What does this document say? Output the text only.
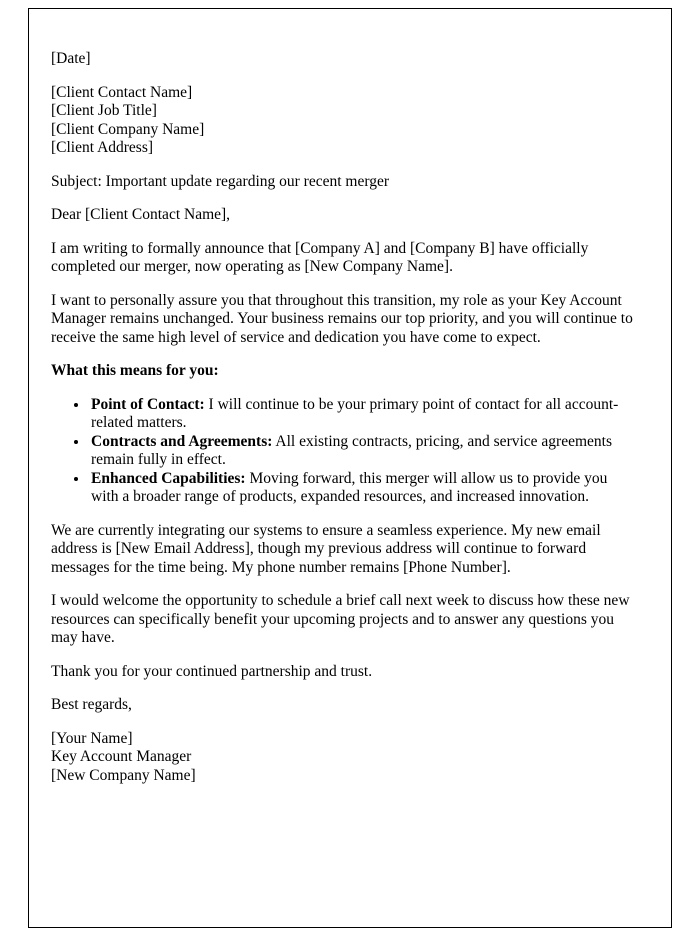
[Date]

[Client Contact Name]
[Client Job Title]
[Client Company Name]
[Client Address]

Subject: Important update regarding our recent merger

Dear [Client Contact Name],

I am writing to formally announce that [Company A] and [Company B] have officially completed our merger, now operating as [New Company Name].

I want to personally assure you that throughout this transition, my role as your Key Account Manager remains unchanged. Your business remains our top priority, and you will continue to receive the same high level of service and dedication you have come to expect.

What this means for you:

• Point of Contact: I will continue to be your primary point of contact for all account-related matters.
• Contracts and Agreements: All existing contracts, pricing, and service agreements remain fully in effect.
• Enhanced Capabilities: Moving forward, this merger will allow us to provide you with a broader range of products, expanded resources, and increased innovation.

We are currently integrating our systems to ensure a seamless experience. My new email address is [New Email Address], though my previous address will continue to forward messages for the time being. My phone number remains [Phone Number].

I would welcome the opportunity to schedule a brief call next week to discuss how these new resources can specifically benefit your upcoming projects and to answer any questions you may have.

Thank you for your continued partnership and trust.

Best regards,

[Your Name]
Key Account Manager
[New Company Name]
